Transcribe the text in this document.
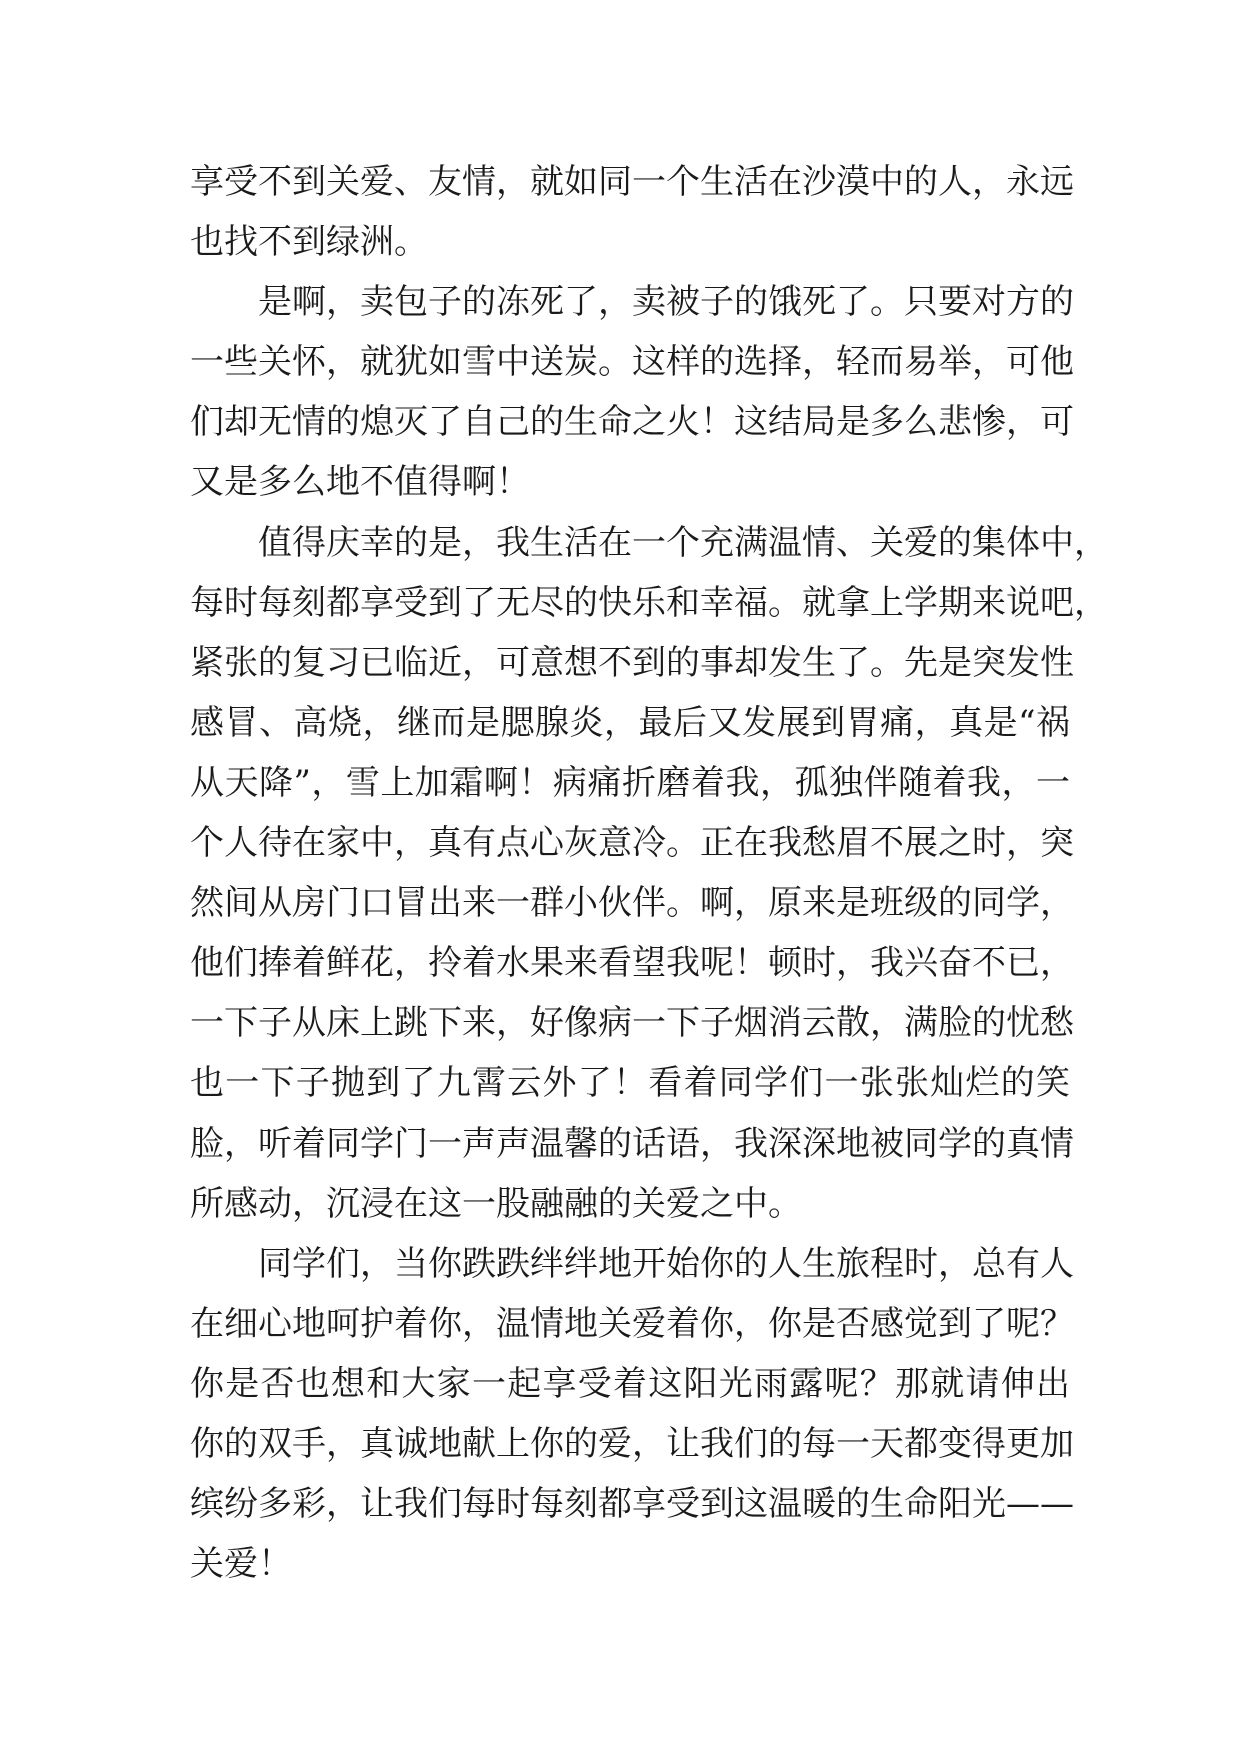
享受不到关爱、友情，就如同一个生活在沙漠中的人，永远
也找不到绿洲。
是啊，卖包子的冻死了，卖被子的饿死了。只要对方的
一些关怀，就犹如雪中送炭。这样的选择，轻而易举，可他
们却无情的熄灭了自己的生命之火！这结局是多么悲惨，可
又是多么地不值得啊！
值得庆幸的是，我生活在一个充满温情、关爱的集体中，
每时每刻都享受到了无尽的快乐和幸福。就拿上学期来说吧，
紧张的复习已临近，可意想不到的事却发生了。先是突发性
感冒、高烧，继而是腮腺炎，最后又发展到胃痛，真是“祸
从天降”，雪上加霜啊！病痛折磨着我，孤独伴随着我，一
个人待在家中，真有点心灰意冷。正在我愁眉不展之时，突
然间从房门口冒出来一群小伙伴。啊，原来是班级的同学，
他们捧着鲜花，拎着水果来看望我呢！顿时，我兴奋不已，
一下子从床上跳下来，好像病一下子烟消云散，满脸的忧愁
也一下子抛到了九霄云外了！看着同学们一张张灿烂的笑
脸，听着同学门一声声温馨的话语，我深深地被同学的真情
所感动，沉浸在这一股融融的关爱之中。
同学们，当你跌跌绊绊地开始你的人生旅程时，总有人
在细心地呵护着你，温情地关爱着你，你是否感觉到了呢？
你是否也想和大家一起享受着这阳光雨露呢？那就请伸出
你的双手，真诚地献上你的爱，让我们的每一天都变得更加
缤纷多彩，让我们每时每刻都享受到这温暖的生命阳光——
关爱！
